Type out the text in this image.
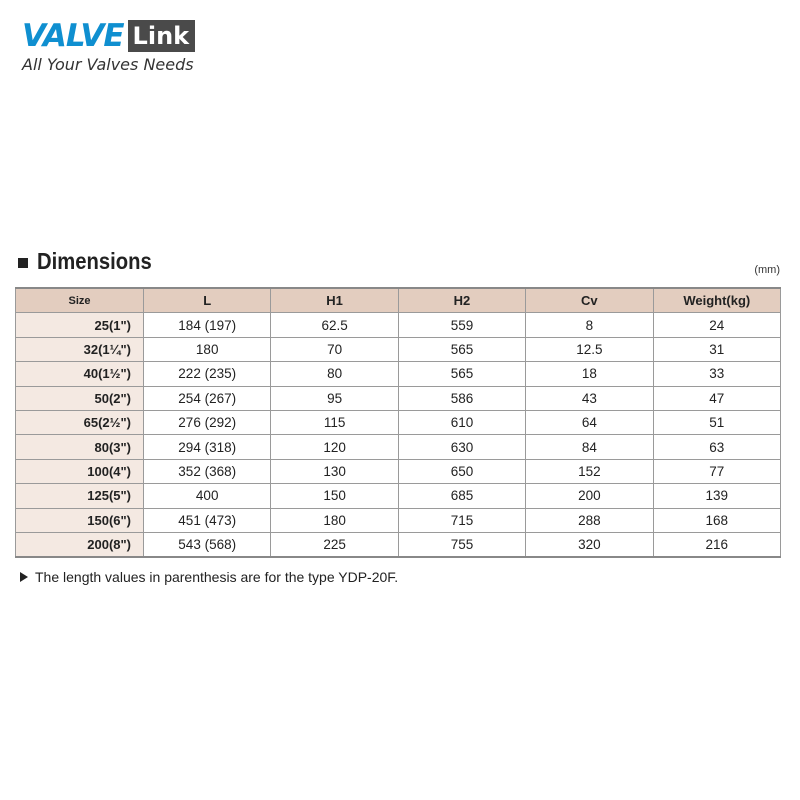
VALVE Link
All Your Valves Needs
Dimensions	(mm)
Size	L	H1	H2	Cv	Weight(kg)
25(1")	184 (197)	62.5	559	8	24
32(1¼")	180	70	565	12.5	31
40(1½")	222 (235)	80	565	18	33
50(2")	254 (267)	95	586	43	47
65(2½")	276 (292)	115	610	64	51
80(3")	294 (318)	120	630	84	63
100(4")	352 (368)	130	650	152	77
125(5")	400	150	685	200	139
150(6")	451 (473)	180	715	288	168
200(8")	543 (568)	225	755	320	216
The length values in parenthesis are for the type YDP-20F.
